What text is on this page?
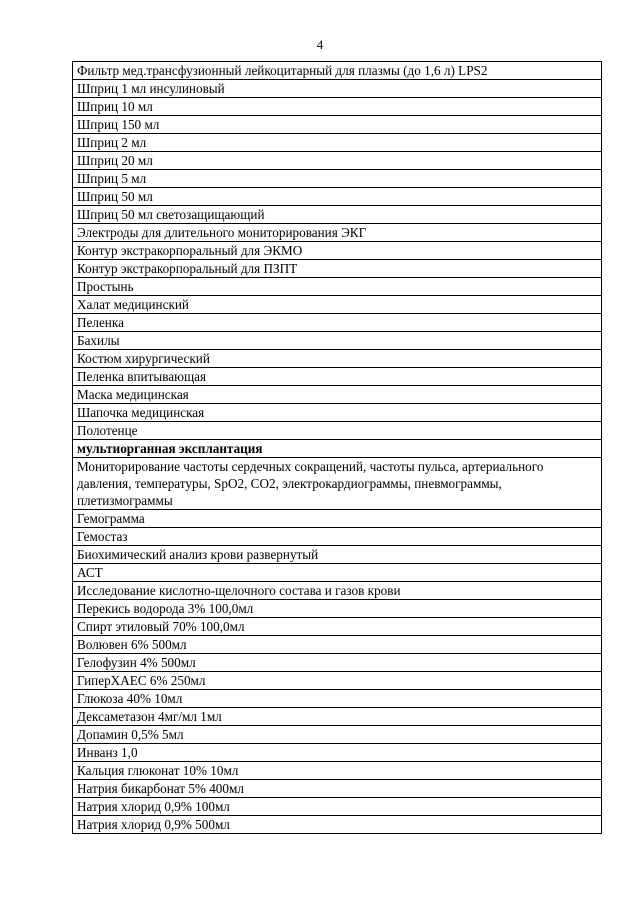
4
Фильтр мед.трансфузионный лейкоцитарный для плазмы (до 1,6 л) LPS2
Шприц 1 мл инсулиновый
Шприц 10 мл
Шприц 150 мл
Шприц 2 мл
Шприц 20 мл
Шприц 5 мл
Шприц 50 мл
Шприц 50 мл светозащищающий
Электроды для длительного мониторирования ЭКГ
Контур экстракорпоральный для ЭКМО
Контур экстракорпоральный для ПЗПТ
Простынь
Халат медицинский
Пеленка
Бахилы
Костюм хирургический
Пеленка впитывающая
Маска медицинская
Шапочка медицинская
Полотенце
мультиорганная эксплантация
Мониторирование частоты сердечных сокращений, частоты пульса, артериального давления, температуры, SpO2, CO2, электрокардиограммы, пневмограммы, плетизмограммы
Гемограмма
Гемостаз
Биохимический анализ крови развернутый
АСТ
Исследование кислотно-щелочного состава и газов крови
Перекись водорода 3% 100,0мл
Спирт этиловый 70% 100,0мл
Волювен 6% 500мл
Гелофузин 4% 500мл
ГиперХАЕС 6% 250мл
Глюкоза 40% 10мл
Дексаметазон 4мг/мл 1мл
Допамин 0,5% 5мл
Инванз 1,0
Кальция глюконат 10% 10мл
Натрия бикарбонат 5% 400мл
Натрия хлорид 0,9% 100мл
Натрия хлорид 0,9% 500мл
